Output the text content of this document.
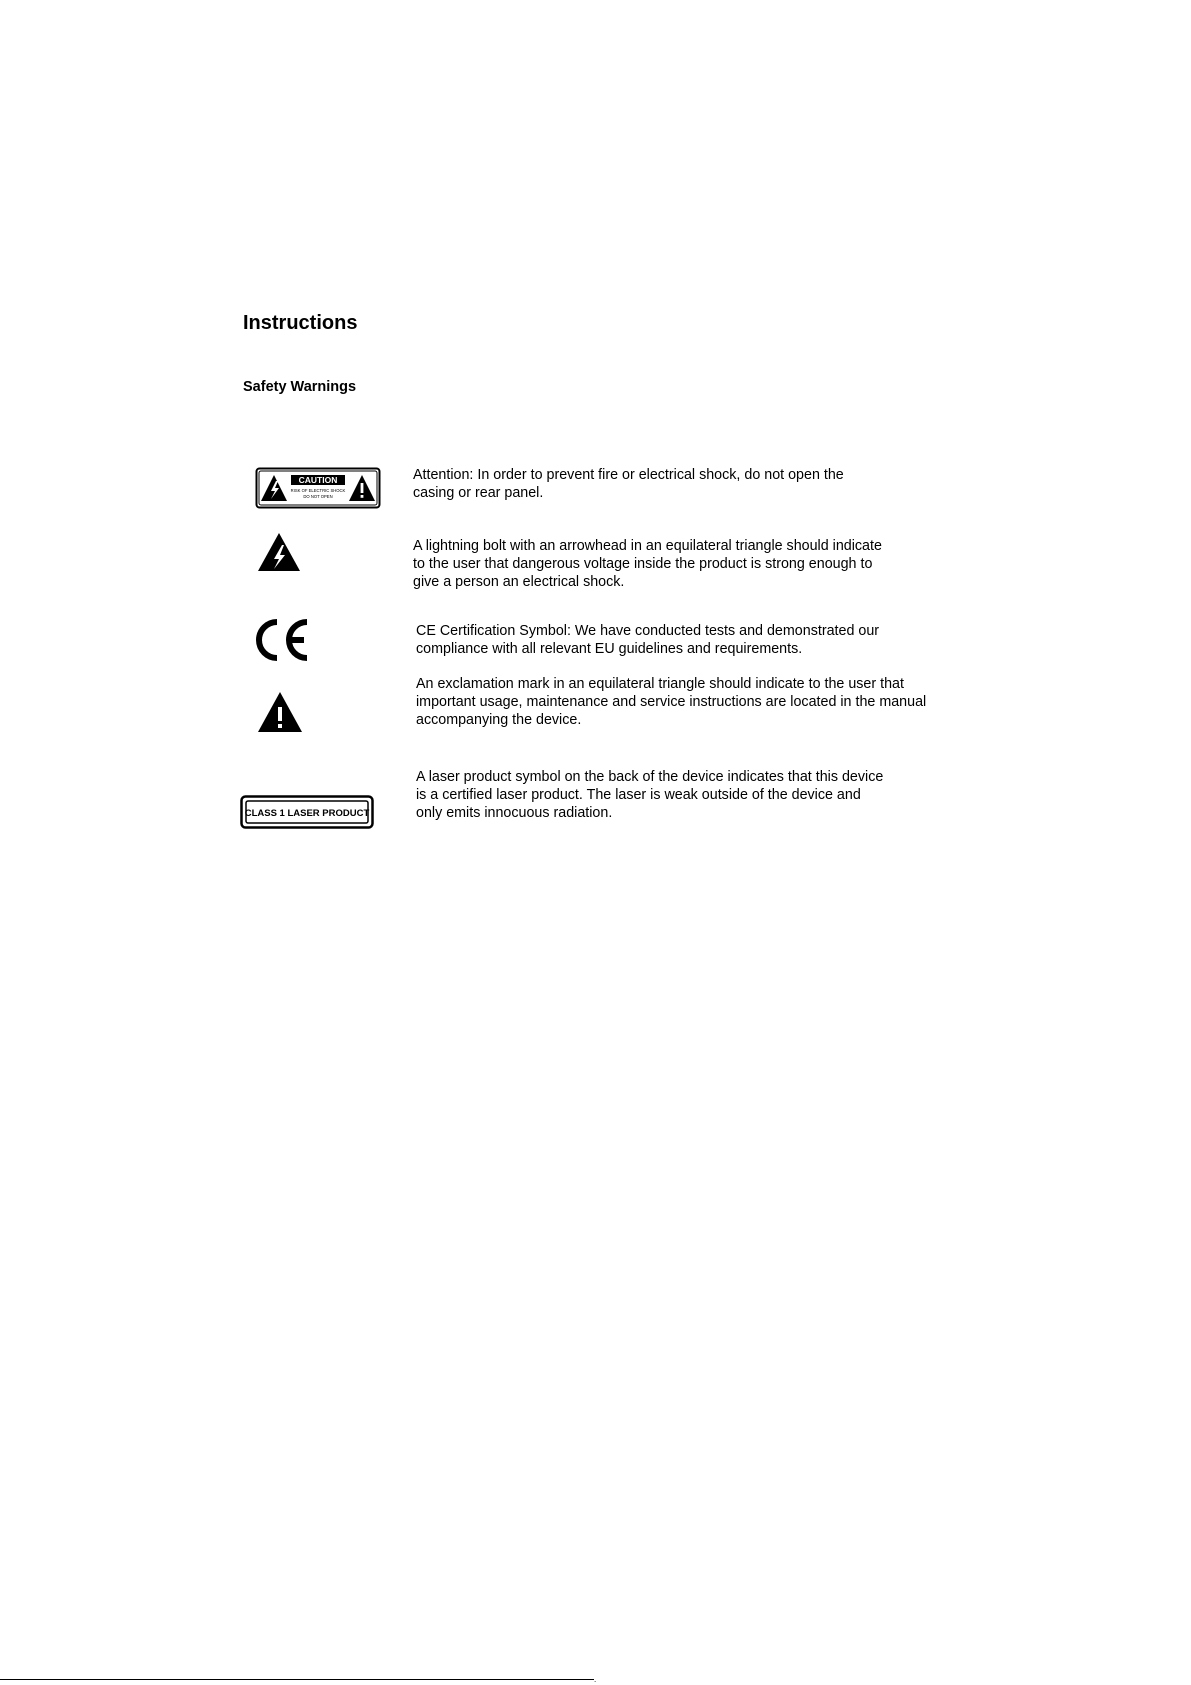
Instructions
Safety Warnings
CAUTION
RISK OF ELECTRIC SHOCK
DO NOT OPEN

Attention: In order to prevent fire or electrical shock, do not open the
casing or rear panel.

A lightning bolt with an arrowhead in an equilateral triangle should indicate
to the user that dangerous voltage inside the product is strong enough to
give a person an electrical shock.

CE Certification Symbol: We have conducted tests and demonstrated our
compliance with all relevant EU guidelines and requirements.

An exclamation mark in an equilateral triangle should indicate to the user that
important usage, maintenance and service instructions are located in the manual
accompanying the device.

CLASS 1 LASER PRODUCT

A laser product symbol on the back of the device indicates that this device
is a certified laser product. The laser is weak outside of the device and
only emits innocuous radiation.

.
